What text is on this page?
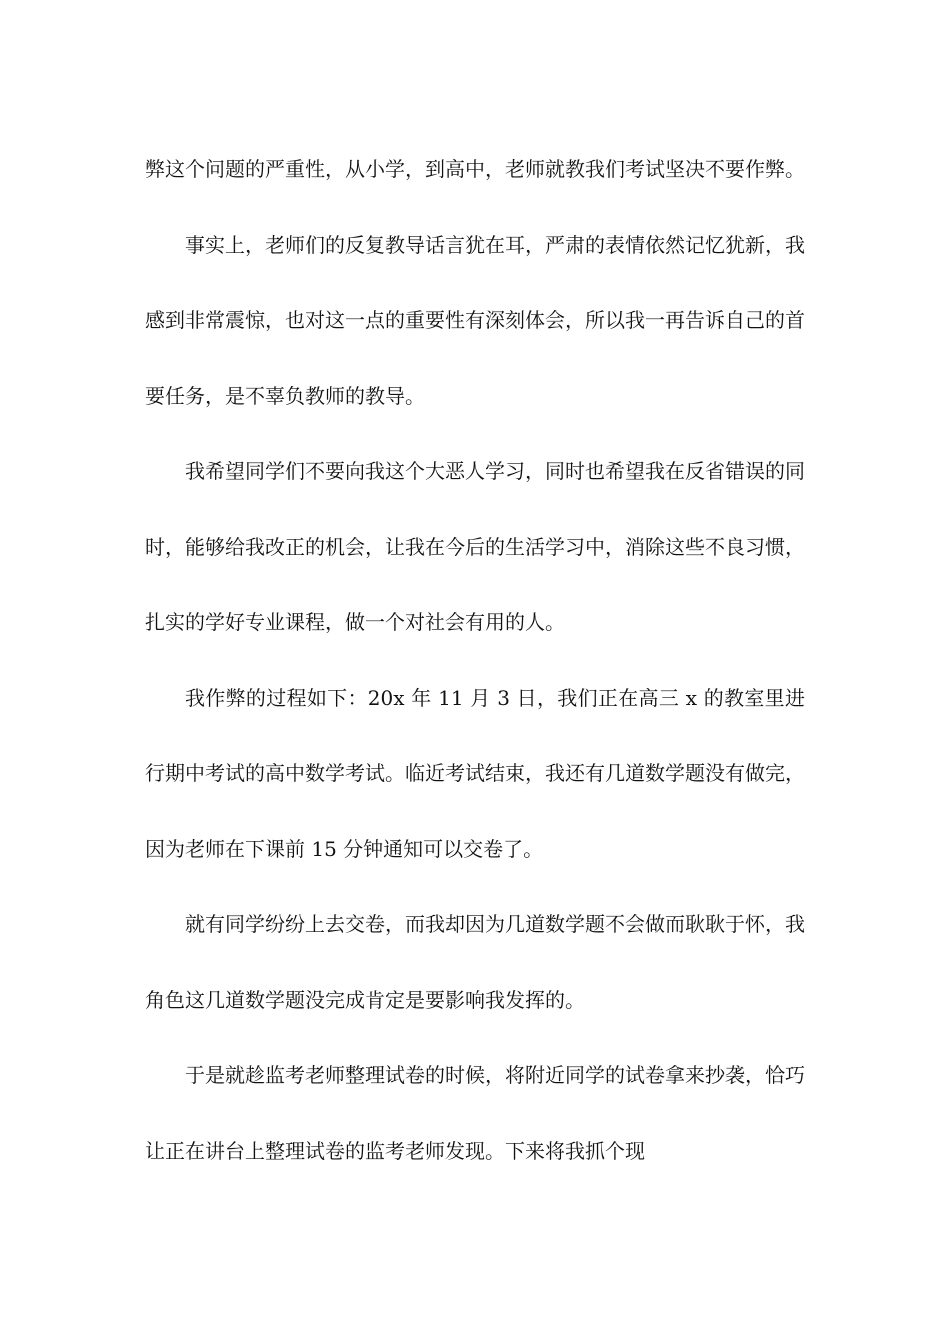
弊这个问题的严重性，从小学，到高中，老师就教我们考试坚决不要作弊。

事实上，老师们的反复教导话言犹在耳，严肃的表情依然记忆犹新，我感到非常震惊，也对这一点的重要性有深刻体会，所以我一再告诉自己的首要任务，是不辜负教师的教导。

我希望同学们不要向我这个大恶人学习，同时也希望我在反省错误的同时，能够给我改正的机会，让我在今后的生活学习中，消除这些不良习惯，扎实的学好专业课程，做一个对社会有用的人。

我作弊的过程如下：20x 年 11 月 3 日，我们正在高三 x 的教室里进行期中考试的高中数学考试。临近考试结束，我还有几道数学题没有做完，因为老师在下课前 15 分钟通知可以交卷了。

就有同学纷纷上去交卷，而我却因为几道数学题不会做而耿耿于怀，我角色这几道数学题没完成肯定是要影响我发挥的。

于是就趁监考老师整理试卷的时候，将附近同学的试卷拿来抄袭，恰巧让正在讲台上整理试卷的监考老师发现。下来将我抓个现
